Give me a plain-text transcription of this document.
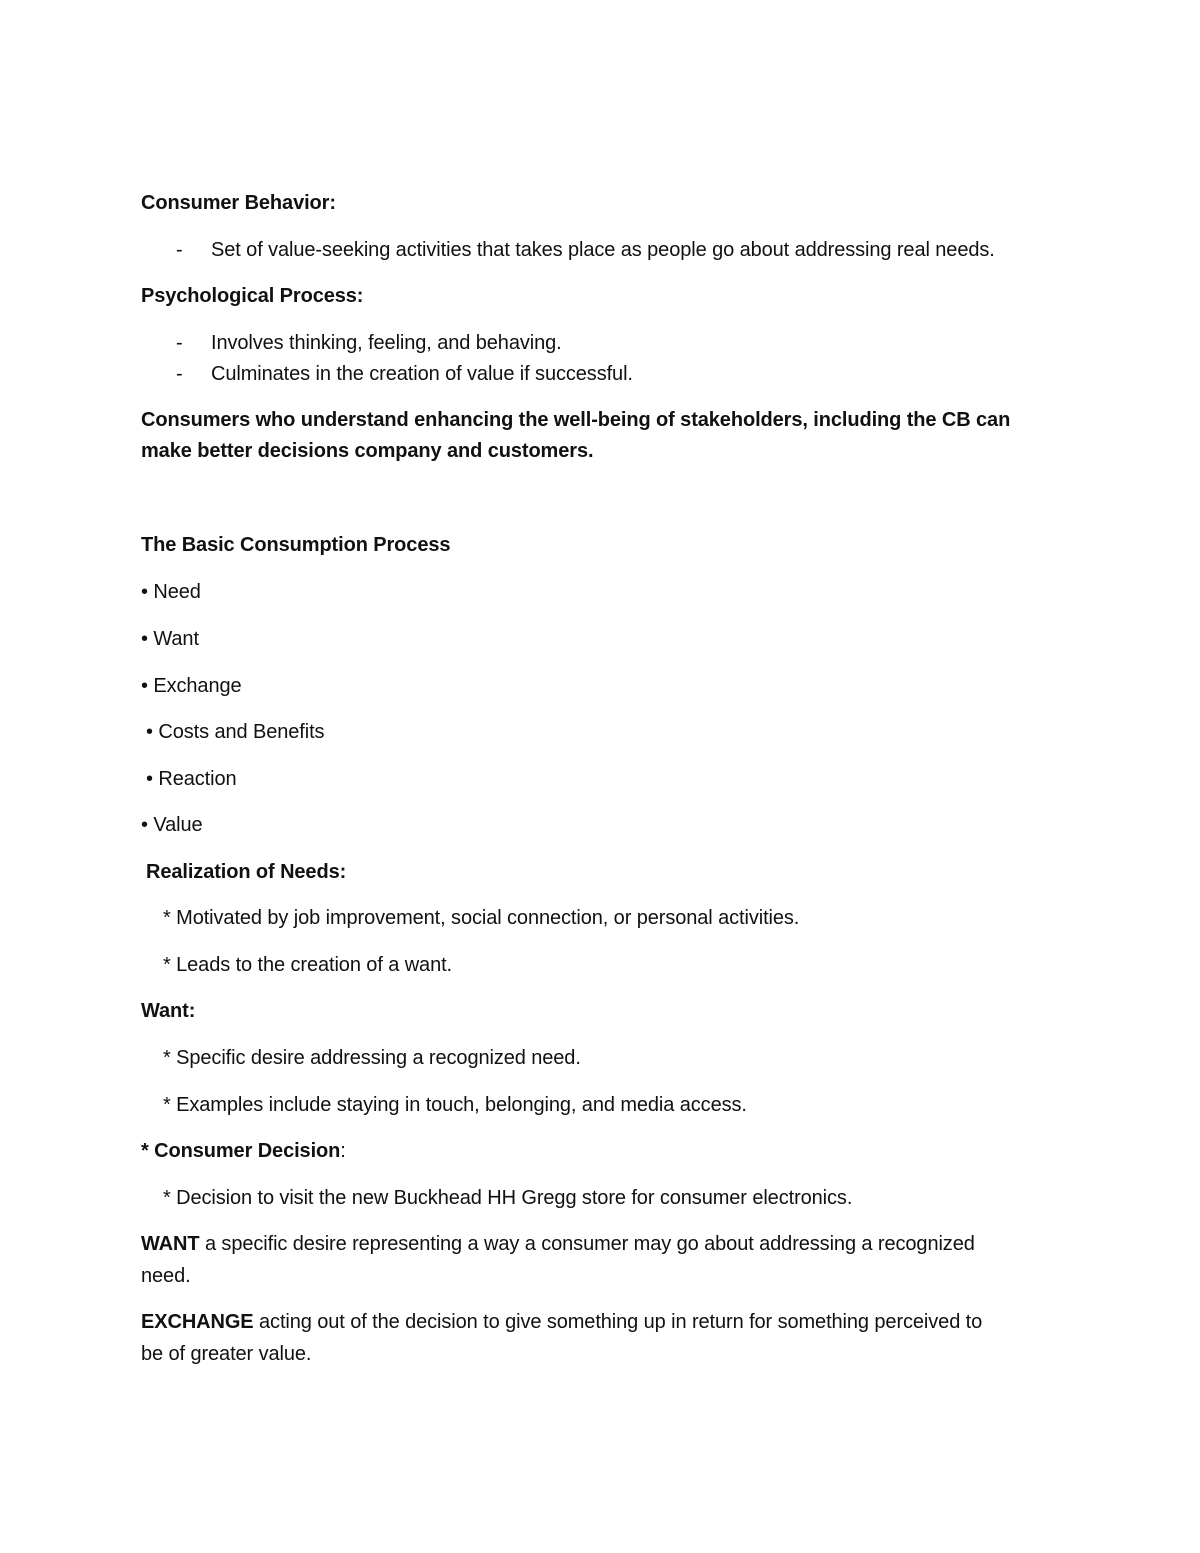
Consumer Behavior:

- Set of value-seeking activities that takes place as people go about addressing real needs.

Psychological Process:

- Involves thinking, feeling, and behaving.

- Culminates in the creation of value if successful.

Consumers who understand enhancing the well-being of stakeholders, including the CB can

make better decisions company and customers.

The Basic Consumption Process

• Need

• Want

• Exchange

• Costs and Benefits

• Reaction

• Value

Realization of Needs:

* Motivated by job improvement, social connection, or personal activities.

* Leads to the creation of a want.

Want:

* Specific desire addressing a recognized need.

* Examples include staying in touch, belonging, and media access.

* Consumer Decision:

* Decision to visit the new Buckhead HH Gregg store for consumer electronics.

WANT a specific desire representing a way a consumer may go about addressing a recognized

need.

EXCHANGE acting out of the decision to give something up in return for something perceived to

be of greater value.
